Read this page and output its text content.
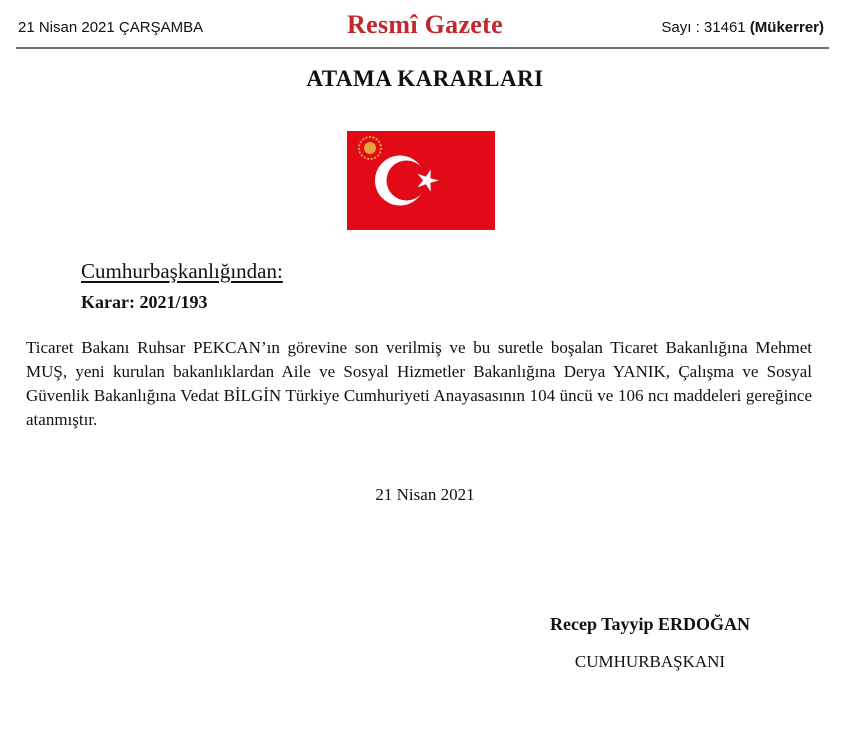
21 Nisan 2021 ÇARŞAMBA	Resmî Gazete	Sayı : 31461 (Mükerrer)
ATAMA KARARLARI
Cumhurbaşkanlığından:
Karar: 2021/193
Ticaret Bakanı Ruhsar PEKCAN’ın görevine son verilmiş ve bu suretle boşalan Ticaret Bakanlığına Mehmet MUŞ, yeni kurulan bakanlıklardan Aile ve Sosyal Hizmetler Bakanlığına Derya YANIK, Çalışma ve Sosyal Güvenlik Bakanlığına Vedat BİLGİN Türkiye Cumhuriyeti Anayasasının 104 üncü ve 106 ncı maddeleri gereğince atanmıştır.
21 Nisan 2021
Recep Tayyip ERDOĞAN
CUMHURBAŞKANI
